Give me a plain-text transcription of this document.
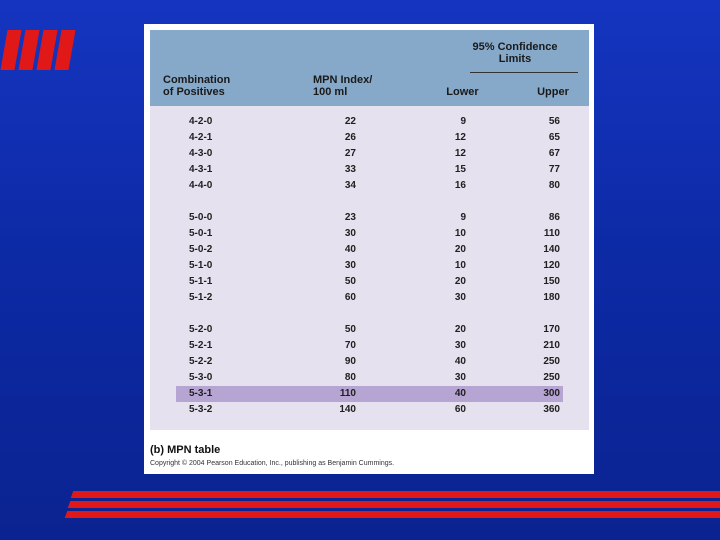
Combination
of Positives
MPN Index/
100 ml
95% Confidence
Limits
Lower	Upper
4-2-0	22	9	56
4-2-1	26	12	65
4-3-0	27	12	67
4-3-1	33	15	77
4-4-0	34	16	80
5-0-0	23	9	86
5-0-1	30	10	110
5-0-2	40	20	140
5-1-0	30	10	120
5-1-1	50	20	150
5-1-2	60	30	180
5-2-0	50	20	170
5-2-1	70	30	210
5-2-2	90	40	250
5-3-0	80	30	250
5-3-1	110	40	300
5-3-2	140	60	360
(b) MPN table
Copyright © 2004 Pearson Education, Inc., publishing as Benjamin Cummings.
